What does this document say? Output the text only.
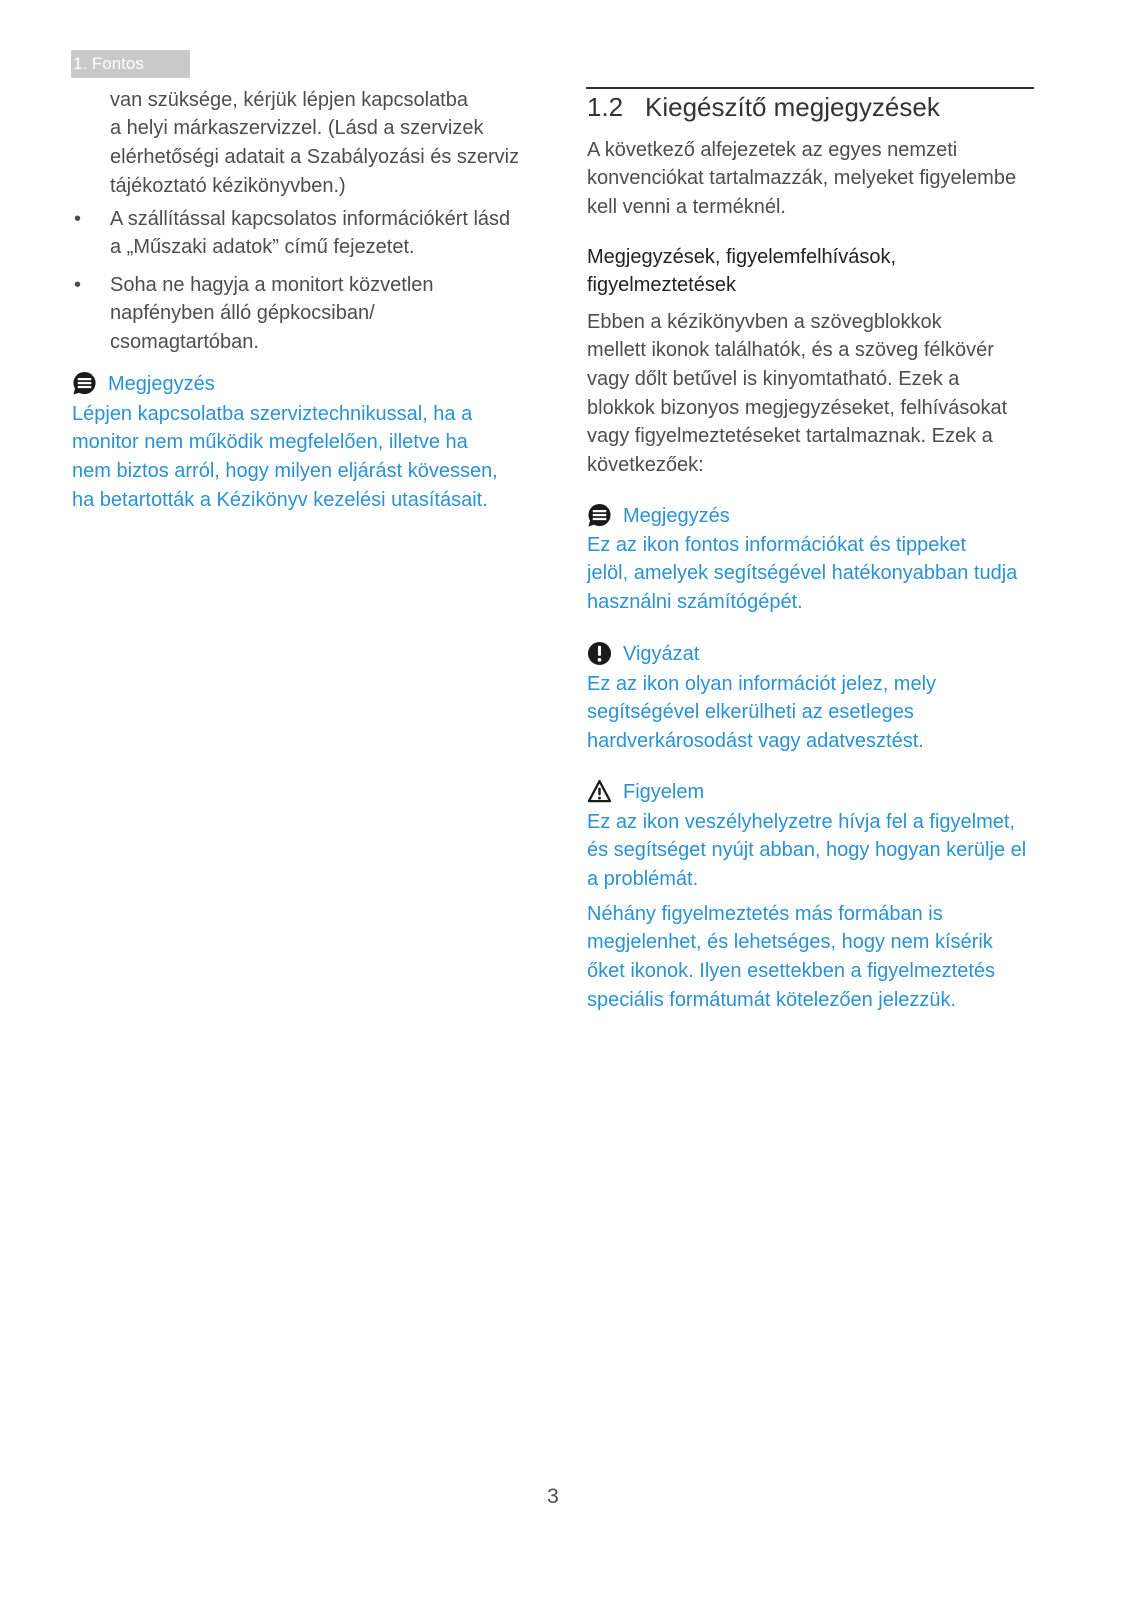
1. Fontos
van szüksége, kérjük lépjen kapcsolatba
a helyi márkaszervizzel. (Lásd a szervizek
elérhetőségi adatait a Szabályozási és szerviz
tájékoztató kézikönyvben.)
• A szállítással kapcsolatos információkért lásd
a „Műszaki adatok” című fejezetet.
• Soha ne hagyja a monitort közvetlen
napfényben álló gépkocsiban/
csomagtartóban.
Megjegyzés
Lépjen kapcsolatba szerviztechnikussal, ha a
monitor nem működik megfelelően, illetve ha
nem biztos arról, hogy milyen eljárást kövessen,
ha betartották a Kézikönyv kezelési utasításait.
1.2 Kiegészítő megjegyzések
A következő alfejezetek az egyes nemzeti
konvenciókat tartalmazzák, melyeket figyelembe
kell venni a terméknél.
Megjegyzések, figyelemfelhívások,
figyelmeztetések
Ebben a kézikönyvben a szövegblokkok
mellett ikonok találhatók, és a szöveg félkövér
vagy dőlt betűvel is kinyomtatható. Ezek a
blokkok bizonyos megjegyzéseket, felhívásokat
vagy figyelmeztetéseket tartalmaznak. Ezek a
következőek:
Megjegyzés
Ez az ikon fontos információkat és tippeket
jelöl, amelyek segítségével hatékonyabban tudja
használni számítógépét.
Vigyázat
Ez az ikon olyan információt jelez, mely
segítségével elkerülheti az esetleges
hardverkárosodást vagy adatvesztést.
Figyelem
Ez az ikon veszélyhelyzetre hívja fel a figyelmet,
és segítséget nyújt abban, hogy hogyan kerülje el
a problémát.
Néhány figyelmeztetés más formában is
megjelenhet, és lehetséges, hogy nem kísérik
őket ikonok. Ilyen esettekben a figyelmeztetés
speciális formátumát kötelezően jelezzük.
3
